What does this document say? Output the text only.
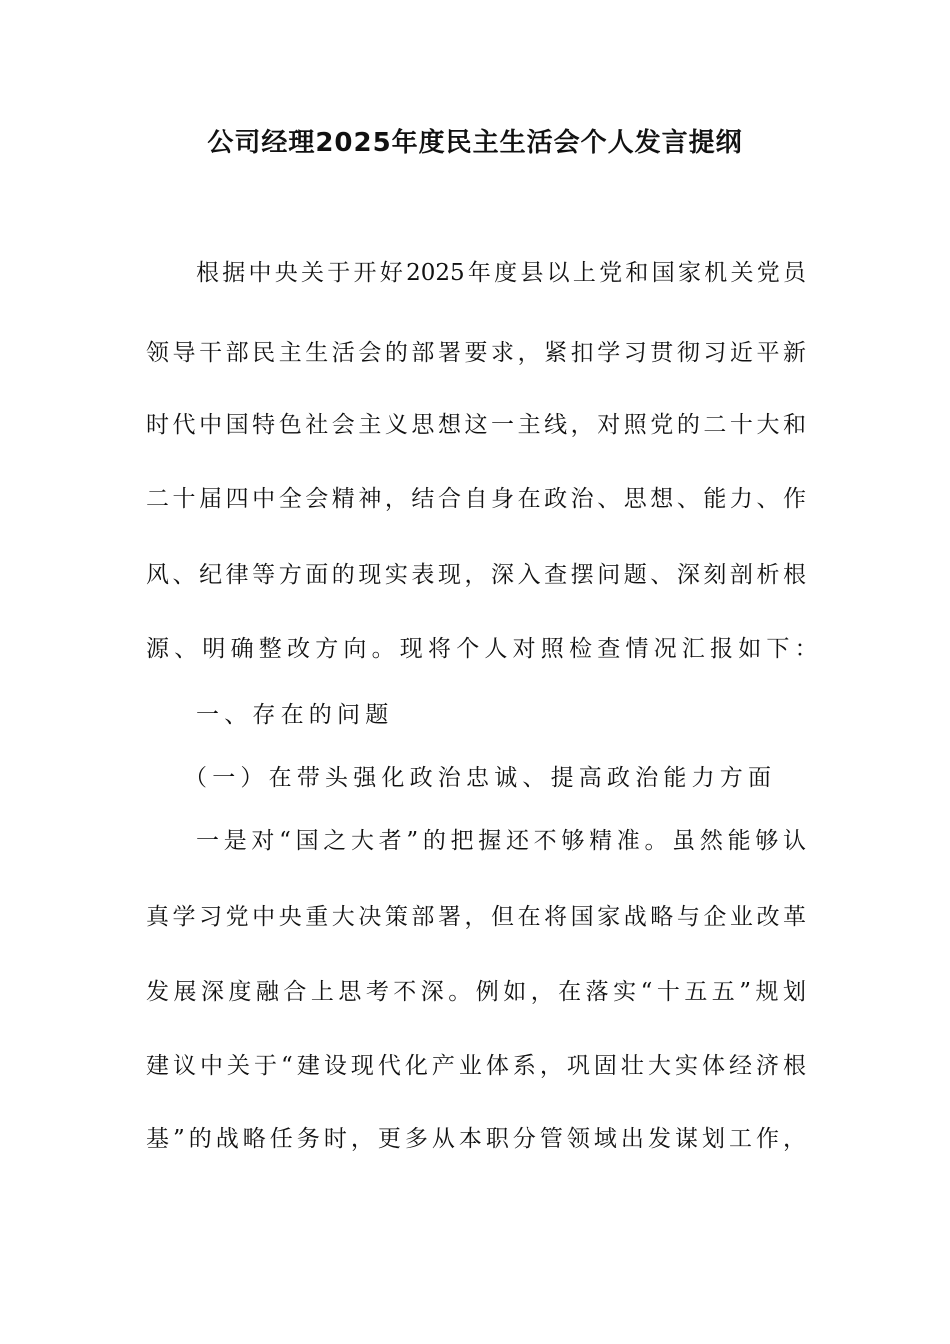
公司经理2025年度民主生活会个人发言提纲
根据中央关于开好2025年度县以上党和国家机关党员
领导干部民主生活会的部署要求，紧扣学习贯彻习近平新
时代中国特色社会主义思想这一主线，对照党的二十大和
二十届四中全会精神，结合自身在政治、思想、能力、作
风、纪律等方面的现实表现，深入查摆问题、深刻剖析根
源、明确整改方向。现将个人对照检查情况汇报如下：
一、存在的问题
（一）在带头强化政治忠诚、提高政治能力方面
一是对“国之大者”的把握还不够精准。虽然能够认
真学习党中央重大决策部署，但在将国家战略与企业改革
发展深度融合上思考不深。例如，在落实“十五五”规划
建议中关于“建设现代化产业体系，巩固壮大实体经济根
基”的战略任务时，更多从本职分管领域出发谋划工作，
